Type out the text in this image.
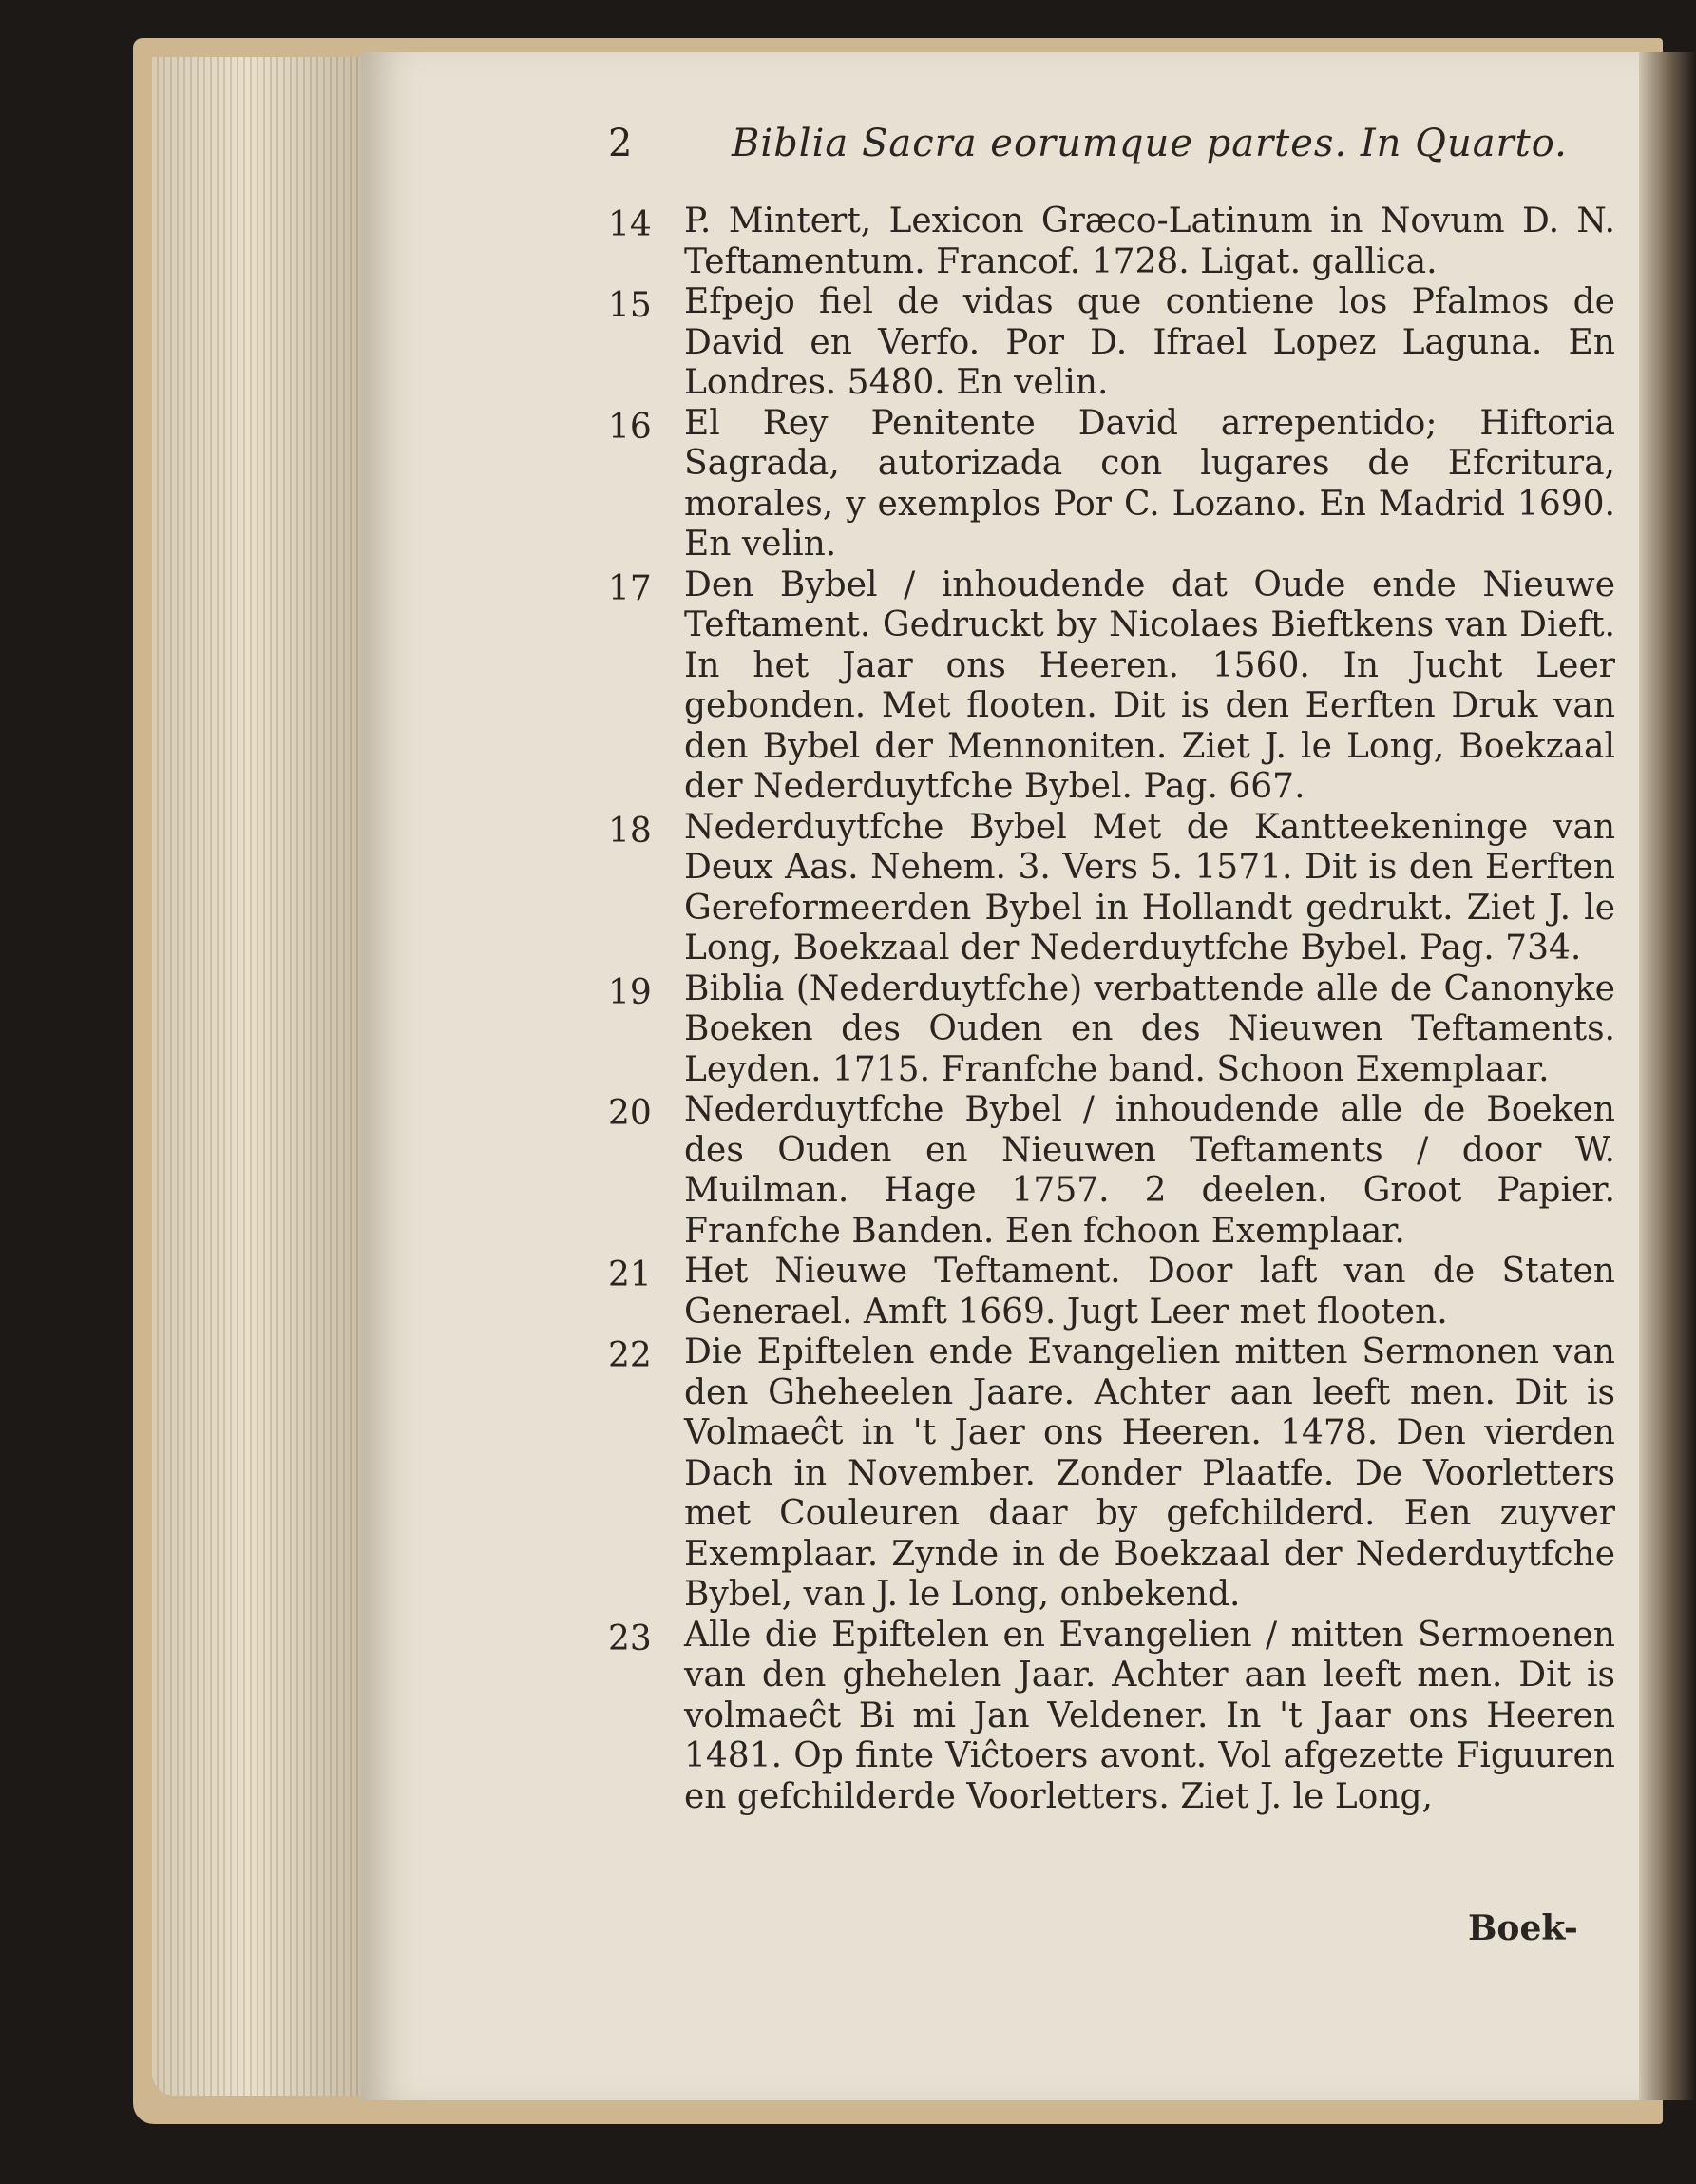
2	Biblia Sacra eorumque partes. In Quarto.
14 P. Mintert, Lexicon Græco-Latinum in Novum D. N. Teftamentum. Francof. 1728. Ligat. gallica.
15 Efpejo fiel de vidas que contiene los Pfalmos de David en Verfo. Por D. Ifrael Lopez Laguna. En Londres. 5480. En velin.
16 El Rey Penitente David arrepentido; Hiftoria Sagrada, autorizada con lugares de Efcritura, morales, y exemplos Por C. Lozano. En Madrid 1690. En velin.
17 Den Bybel / inhoudende dat Oude ende Nieuwe Teftament. Gedruckt by Nicolaes Bieftkens van Dieft. In het Jaar ons Heeren. 1560. In Jucht Leer gebonden. Met flooten. Dit is den Eerften Druk van den Bybel der Mennoniten. Ziet J. le Long, Boekzaal der Nederduytfche Bybel. Pag. 667.
18 Nederduytfche Bybel Met de Kantteekeninge van Deux Aas. Nehem. 3. Vers 5. 1571. Dit is den Eerften Gereformeerden Bybel in Hollandt gedrukt. Ziet J. le Long, Boekzaal der Nederduytfche Bybel. Pag. 734.
19 Biblia (Nederduytfche) verbattende alle de Canonyke Boeken des Ouden en des Nieuwen Teftaments. Leyden. 1715. Franfche band. Schoon Exemplaar.
20 Nederduytfche Bybel / inhoudende alle de Boeken des Ouden en Nieuwen Teftaments / door W. Muilman. Hage 1757. 2 deelen. Groot Papier. Franfche Banden. Een fchoon Exemplaar.
21 Het Nieuwe Teftament. Door laft van de Staten Generael. Amft 1669. Jugt Leer met flooten.
22 Die Epiftelen ende Evangelien mitten Sermonen van den Gheheelen Jaare. Achter aan leeft men. Dit is Volmaeĉt in 't Jaer ons Heeren. 1478. Den vierden Dach in November. Zonder Plaatfe. De Voorletters met Couleuren daar by gefchilderd. Een zuyver Exemplaar. Zynde in de Boekzaal der Nederduytfche Bybel, van J. le Long, onbekend.
23 Alle die Epiftelen en Evangelien / mitten Sermoenen van den ghehelen Jaar. Achter aan leeft men. Dit is volmaeĉt Bi mi Jan Veldener. In 't Jaar ons Heeren 1481. Op finte Viĉtoers avont. Vol afgezette Figuuren en gefchilderde Voorletters. Ziet J. le Long,
Boek-
